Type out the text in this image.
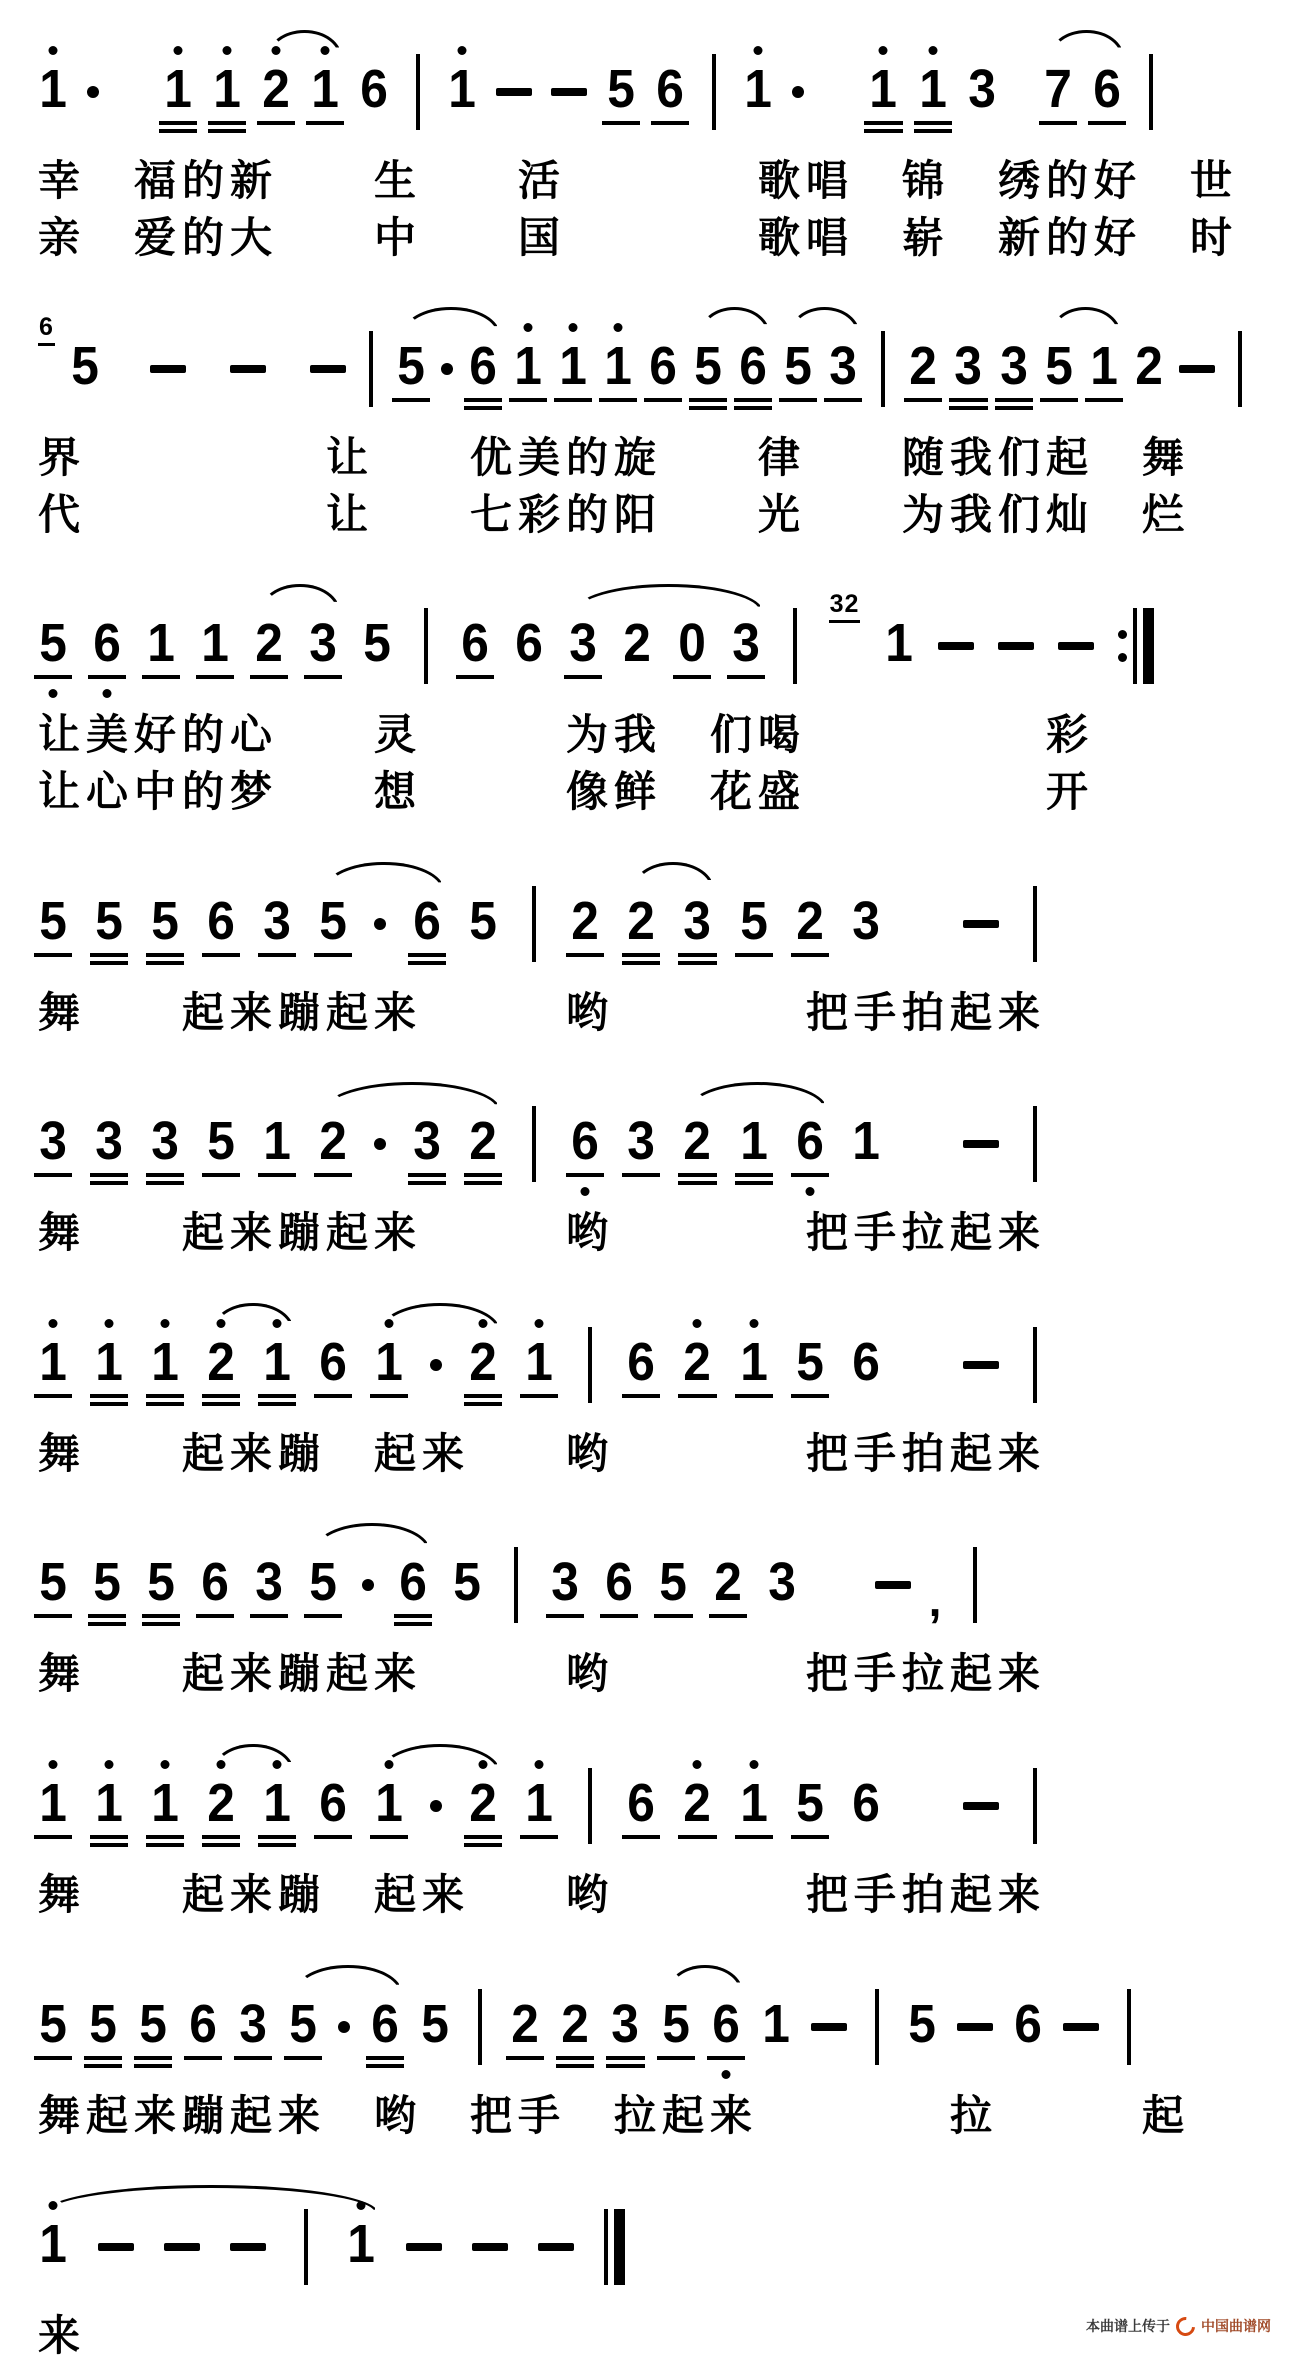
1 1 1 2 1 6 1 5 6 1 1 1 3 7 6
幸　福的新　　生　　活　　　　歌唱　锦　绣的好　世
亲　爱的大　　中　　国　　　　歌唱　崭　新的好　时
6
5	5 6 1 1 1 6 5 6 5 3 2 3 3 5 1 2
界　　　　　让　　优美的旋　　律　　随我们起　舞
代　　　　　让　　七彩的阳　　光　　为我们灿　烂
5 6 1 1 2 3 5 6 6 3 2 0 3
32
1
让美好的心　　灵　　　为我　们喝　　　　　彩
让心中的梦　　想　　　像鲜　花盛　　　　　开
5 5 5 6 3 5 6 5 2 2 3 5 2 3
舞　　起来蹦起来　　　哟　　　　把手拍起来
3 3 3 5 1 2 3 2 6 3 2 1 6 1
舞　　起来蹦起来　　　哟　　　　把手拉起来
1 1 1 2 1 6 1 2 1 6 2 1 5 6
舞　　起来蹦　起来　　哟　　　　把手拍起来
5 5 5 6 3 5 6 5 3 6 5 2 3	,
舞　　起来蹦起来　　　哟　　　　把手拉起来
1 1 1 2 1 6 1 2 1 6 2 1 5 6
舞　　起来蹦　起来　　哟　　　　把手拍起来
5 5 5 6 3 5 6 5 2 2 3 5 6 1 5 6
舞起来蹦起来　哟　把手　拉起来　　　　拉　　　起
1	1
来	本曲谱上传于 中国曲谱网
